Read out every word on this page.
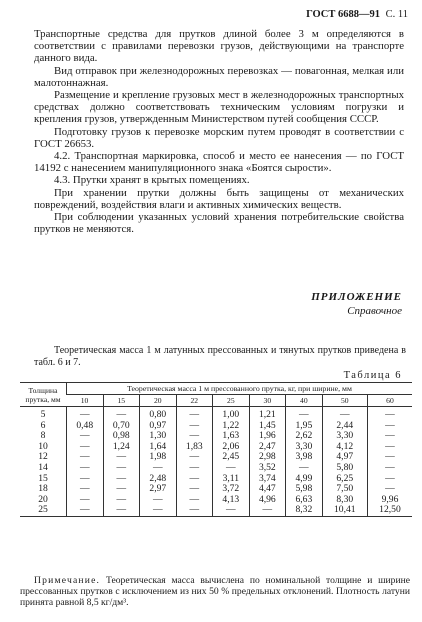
ГОСТ 6688—91 С. 11

Транспортные средства для прутков длиной более 3 м определяются в соответствии с правилами перевозки грузов, действующими на транспорте данного вида.

Вид отправок при железнодорожных перевозках — повагонная, мелкая или малотоннажная.

Размещение и крепление грузовых мест в железнодорожных транспортных средствах должно соответствовать техническим условиям погрузки и крепления грузов, утвержденным Министерством путей сообщения СССР.

Подготовку грузов к перевозке морским путем проводят в соответствии с ГОСТ 26653.

4.2. Транспортная маркировка, способ и место ее нанесения — по ГОСТ 14192 с нанесением манипуляционного знака «Боятся сырости».

4.3. Прутки хранят в крытых помещениях.

При хранении прутки должны быть защищены от механических повреждений, воздействия влаги и активных химических веществ.

При соблюдении указанных условий хранения потребительские свойства прутков не меняются.

ПРИЛОЖЕНИЕ
Справочное
Теоретическая масса 1 м латунных прессованных и тянутых прутков приведена в табл. 6 и 7.
Таблица 6
Толщина прутка, мм	Теоретическая масса 1 м прессованного прутка, кг, при ширине, мм								
	10	15	20	22	25	30	40	50	60
5	—	—	0,80	—	1,00	1,21	—	—	—
6	0,48	0,70	0,97	—	1,22	1,45	1,95	2,44	—
8	—	0,98	1,30	—	1,63	1,96	2,62	3,30	—
10	—	1,24	1,64	1,83	2,06	2,47	3,30	4,12	—
12	—	—	1,98	—	2,45	2,98	3,98	4,97	—
14	—	—	—	—	—	3,52	—	5,80	—
15	—	—	2,48	—	3,11	3,74	4,99	6,25	—
18	—	—	2,97	—	3,72	4,47	5,98	7,50	—
20	—	—	—	—	4,13	4,96	6,63	8,30	9,96
25	—	—	—	—	—	—	8,32	10,41	12,50
Примечание. Теоретическая масса вычислена по номинальной толщине и ширине прессованных прутков с исключением из них 50 % предельных отклонений. Плотность латуни принята равной 8,5 кг/дм³.
